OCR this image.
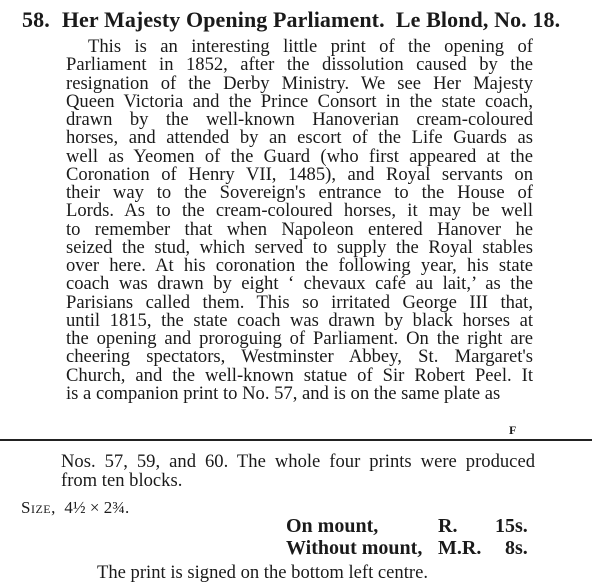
58. Her Majesty Opening Parliament. Le Blond, No. 18.
This is an interesting little print of the opening of
Parliament in 1852, after the dissolution caused by the
resignation of the Derby Ministry. We see Her Majesty
Queen Victoria and the Prince Consort in the state coach,
drawn by the well-known Hanoverian cream-coloured
horses, and attended by an escort of the Life Guards as
well as Yeomen of the Guard (who first appeared at the
Coronation of Henry VII, 1485), and Royal servants on
their way to the Sovereign's entrance to the House of
Lords. As to the cream-coloured horses, it may be well
to remember that when Napoleon entered Hanover he
seized the stud, which served to supply the Royal stables
over here. At his coronation the following year, his state
coach was drawn by eight ‘ chevaux café au lait,’ as the
Parisians called them. This so irritated George III that,
until 1815, the state coach was drawn by black horses at
the opening and proroguing of Parliament. On the right are
cheering spectators, Westminster Abbey, St. Margaret's
Church, and the well-known statue of Sir Robert Peel. It
is a companion print to No. 57, and is on the same plate as
F
Nos. 57, 59, and 60. The whole four prints were produced
from ten blocks.
Size, 4½ × 2¾.
On mount,	R. 15s.
Without mount, M.R. 8s.
The print is signed on the bottom left centre.
